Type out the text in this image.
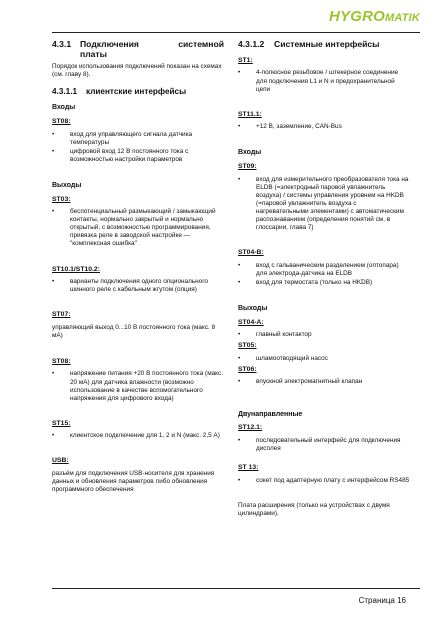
HYGROMATIK
4.3.1	Подключения системной
платы
Порядок использования подключений показан на схемах (см. главу 8).
4.3.1.1 клиентские интерфейсы
Входы
ST08:
• вход для управляющего сигнала датчика температуры
• цифровой вход 12 В постоянного тока с возможностью настройки параметров
Выходы
ST03:
• беспотенциальный размыкающий / замыкающий контакты, нормально закрытый и нормально открытый, с возможностью программирования, привязка реле в заводской настройке — "комплексная ошибка"
ST10.1/ST10.2:
• варианты подключения одного опционального шинного реле с кабельным жгутом (опция)
ST07:
управляющий выход 0...10 В постоянного тока (макс. 8 мА)
ST08:
• напряжение питания +20 В постоянного тока (макс. 20 мА) для датчика влажности (возможно использование в качестве вспомогательного напряжения для цифрового входа)
ST15:
• клиентское подключение для 1, 2 и N (макс. 2,5 А)
USB:
разъём для подключения USB-носителя для хранения данных и обновления параметров либо обновления программного обеспечения
4.3.1.2 Системные интерфейсы
ST1:
• 4-полюсное резьбовое / штекерное соединение для подключения L1 и N и предохранительной цепи
ST11.1:
• +12 В, заземление, CAN-Bus
Входы
ST09:
• вход для измерительного преобразователя тока на ELDB (=электродный паровой увлажнитель воздуха) / системы управления уровнем на HKDB (=паровой увлажнитель воздуха с нагревательными элементами) с автоматическим распознаванием (определения понятий см. в глоссарии, глава 7)
ST04-B:
• вход с гальваническим разделением (оптопара) для электрода-датчика на ELDB
• вход для термостата (только на HKDB)
Выходы
ST04-A:
• главный контактор
ST05:
• шламоотводящий насос
ST06:
• впускной электромагнитный клапан
Двунаправленные
ST12.1:
• последовательный интерфейс для подключения дисплея
ST 13:
• сокет под адаптерную плату с интерфейсом RS485
Плата расширения (только на устройствах с двумя цилиндрами).
Страница 16
